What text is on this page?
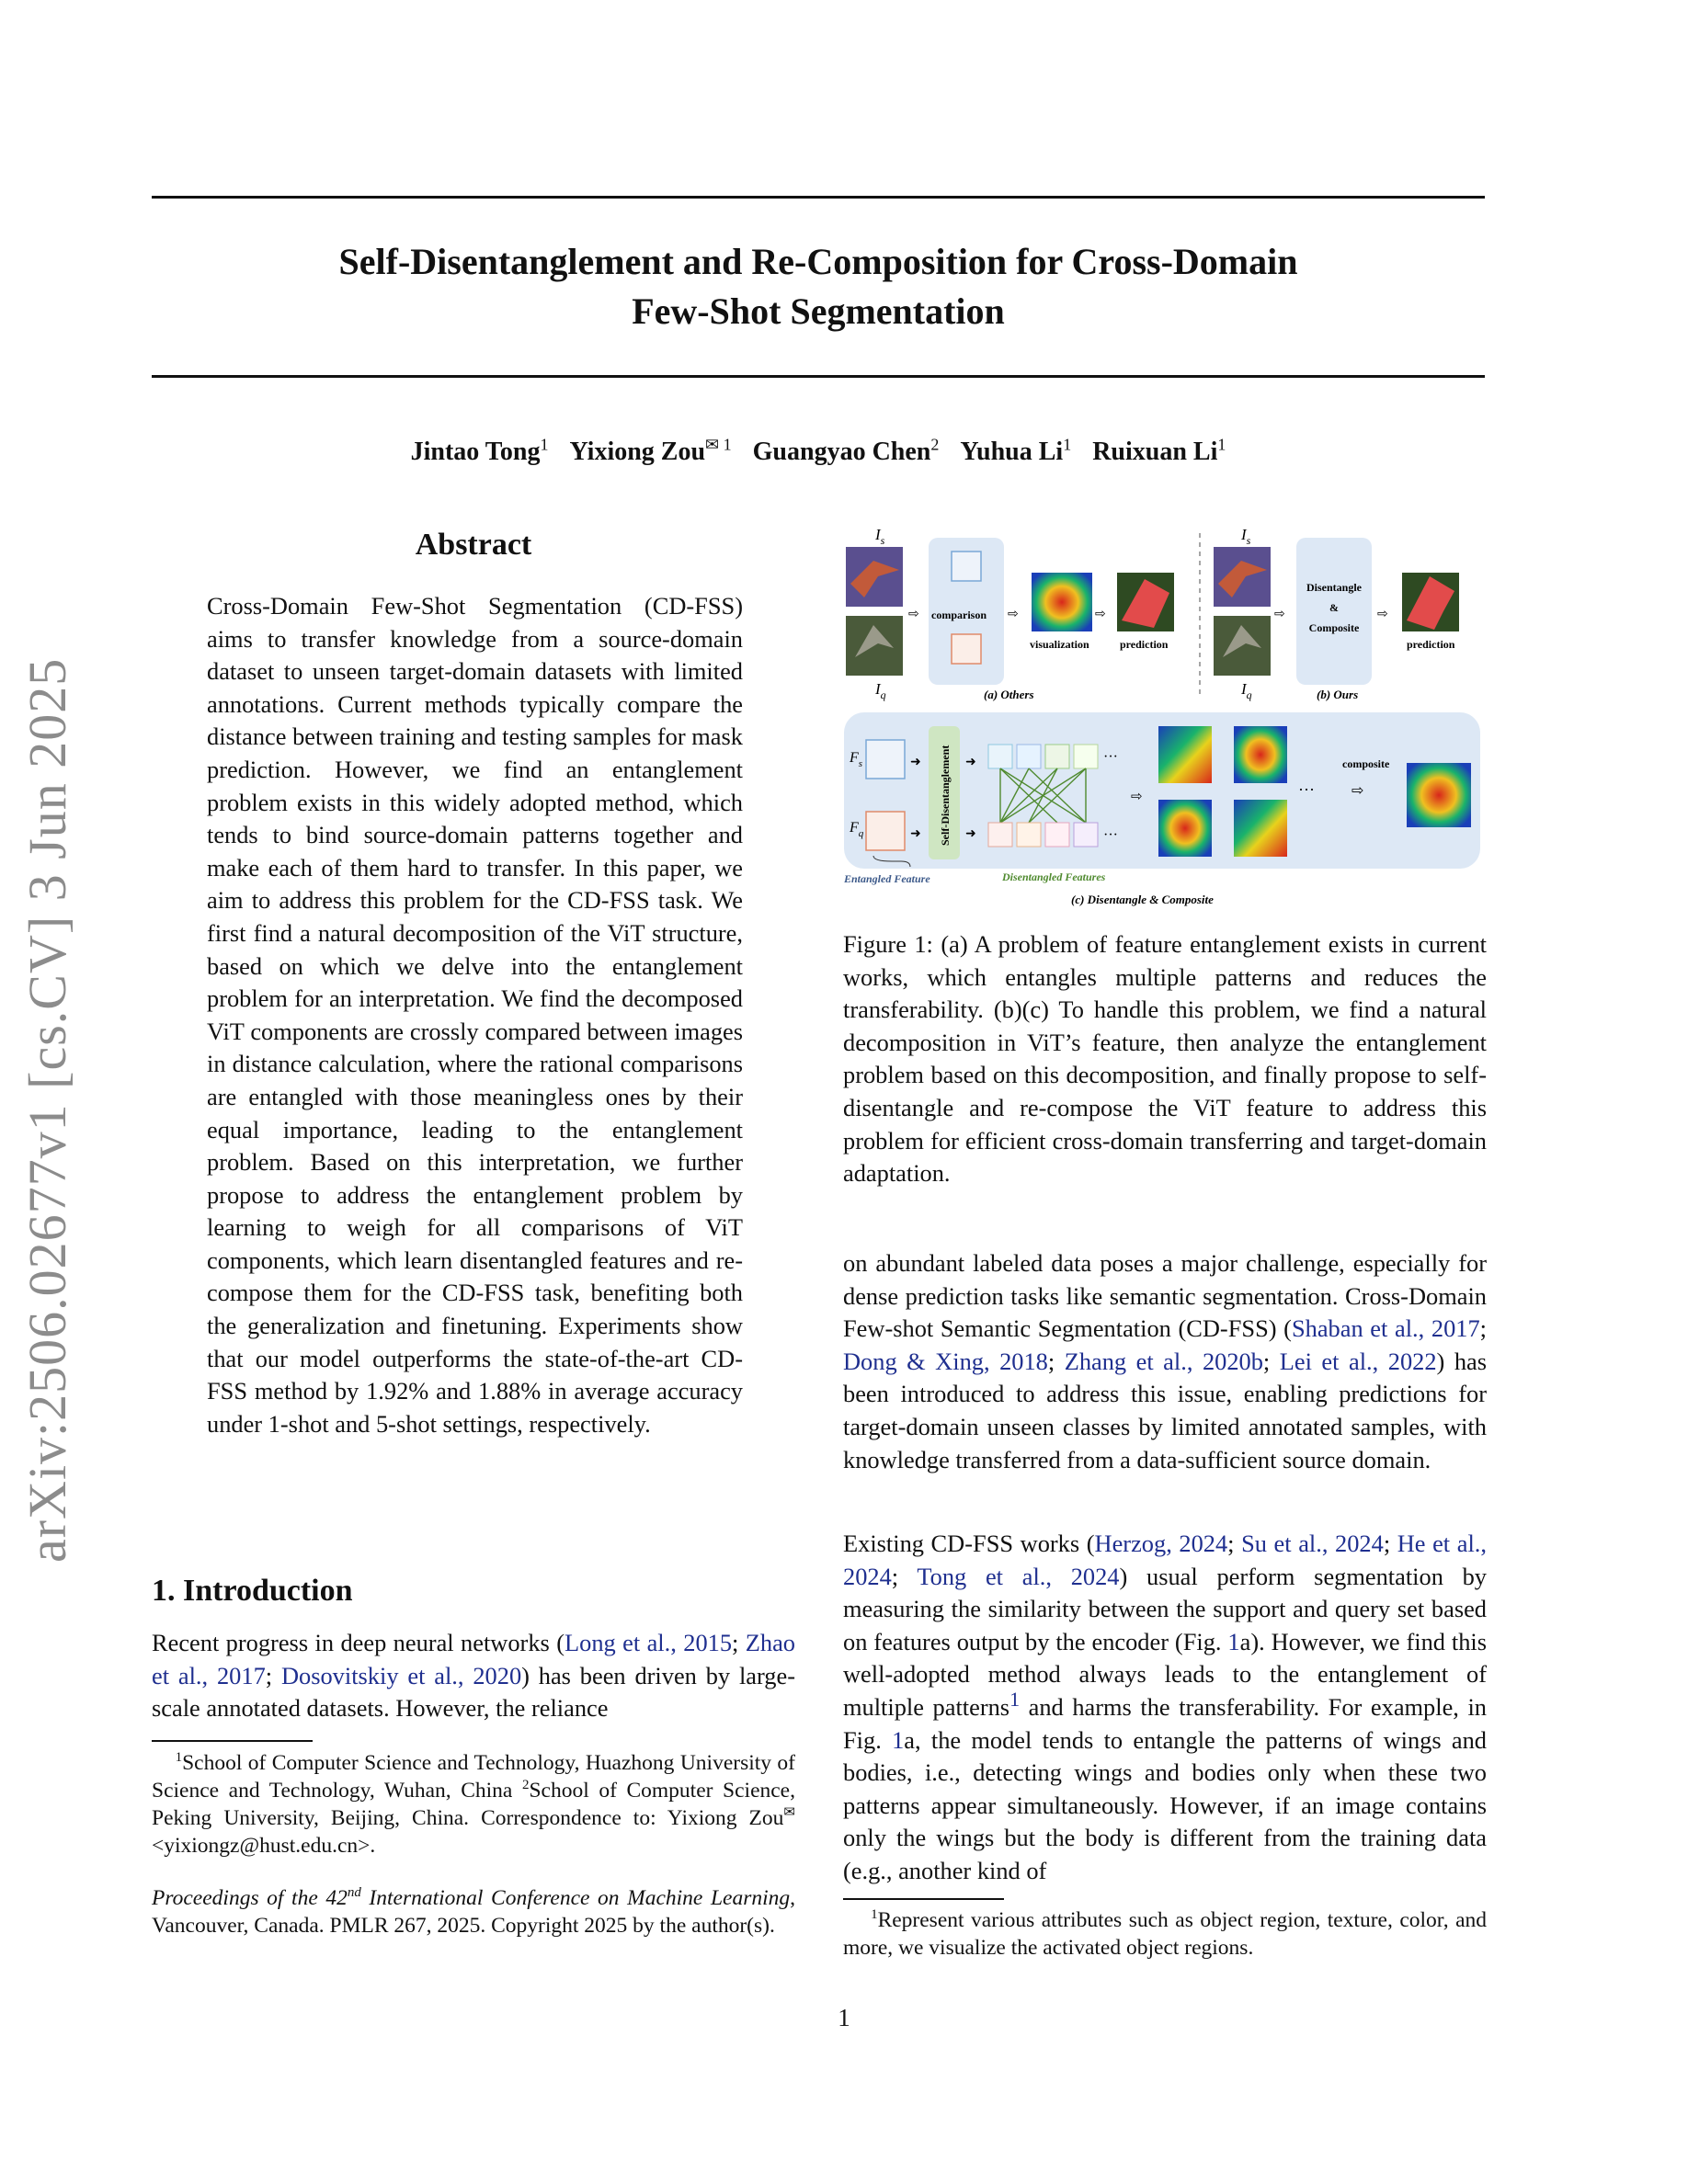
Self-Disentanglement and Re-Composition for Cross-Domain
Few-Shot Segmentation
Jintao Tong$^1$ Yixiong Zou$^{✉ 1}$ Guangyao Chen$^2$ Yuhua Li$^1$ Ruixuan Li$^1$
arXiv:2506.02677v1 [cs.CV] 3 Jun 2025
Abstract

Cross-Domain Few-Shot Segmentation (CD-FSS) aims to transfer knowledge from a source-domain dataset to unseen target-domain datasets with limited annotations. Current methods typically compare the distance between training and testing samples for mask prediction. However, we find an entanglement problem exists in this widely adopted method, which tends to bind source-domain patterns together and make each of them hard to transfer. In this paper, we aim to address this problem for the CD-FSS task. We first find a natural decomposition of the ViT structure, based on which we delve into the entanglement problem for an interpretation. We find the decomposed ViT components are crossly compared between images in distance calculation, where the rational comparisons are entangled with those meaningless ones by their equal importance, leading to the entanglement problem. Based on this interpretation, we further propose to address the entanglement problem by learning to weigh for all comparisons of ViT components, which learn disentangled features and re-compose them for the CD-FSS task, benefiting both the generalization and finetuning. Experiments show that our model outperforms the state-of-the-art CD-FSS method by 1.92% and 1.88% in average accuracy under 1-shot and 5-shot settings, respectively.

1. Introduction

Recent progress in deep neural networks (Long et al., 2015; Zhao et al., 2017; Dosovitskiy et al., 2020) has been driven by large-scale annotated datasets. However, the reliance

$^1$School of Computer Science and Technology, Huazhong University of Science and Technology, Wuhan, China $^2$School of Computer Science, Peking University, Beijing, China. Correspondence to: Yixiong Zou✉ <yixiongz@hust.edu.cn>.
Proceedings of the 42nd International Conference on Machine Learning, Vancouver, Canada. PMLR 267, 2025. Copyright 2025 by the author(s).
$I_s$
$I_q$
⇨ comparison ⇨
visualization
⇨
prediction
(a) Others
$I_s$
$I_q$
⇨
Disentangle
&
Composite
⇨
prediction
(b) Ours
$F_s$
$F_q$
➜
➜ Self-Disentanglement ➜
➜
···
···
⇨	···
composite
⇨
Entangled Feature	Disentangled Features
(c) Disentangle & Composite

Figure 1: (a) A problem of feature entanglement exists in current works, which entangles multiple patterns and reduces the transferability. (b)(c) To handle this problem, we find a natural decomposition in ViT’s feature, then analyze the entanglement problem based on this decomposition, and finally propose to self-disentangle and re-compose the ViT feature to address this problem for efficient cross-domain transferring and target-domain adaptation.

on abundant labeled data poses a major challenge, especially for dense prediction tasks like semantic segmentation. Cross-Domain Few-shot Semantic Segmentation (CD-FSS) (Shaban et al., 2017; Dong & Xing, 2018; Zhang et al., 2020b; Lei et al., 2022) has been introduced to address this issue, enabling predictions for target-domain unseen classes by limited annotated samples, with knowledge transferred from a data-sufficient source domain.

Existing CD-FSS works (Herzog, 2024; Su et al., 2024; He et al., 2024; Tong et al., 2024) usual perform segmentation by measuring the similarity between the support and query set based on features output by the encoder (Fig. 1a). However, we find this well-adopted method always leads to the entanglement of multiple patterns$^1$ and harms the transferability. For example, in Fig. 1a, the model tends to entangle the patterns of wings and bodies, i.e., detecting wings and bodies only when these two patterns appear simultaneously. However, if an image contains only the wings but the body is different from the training data (e.g., another kind of

$^1$Represent various attributes such as object region, texture, color, and more, we visualize the activated object regions.
1
